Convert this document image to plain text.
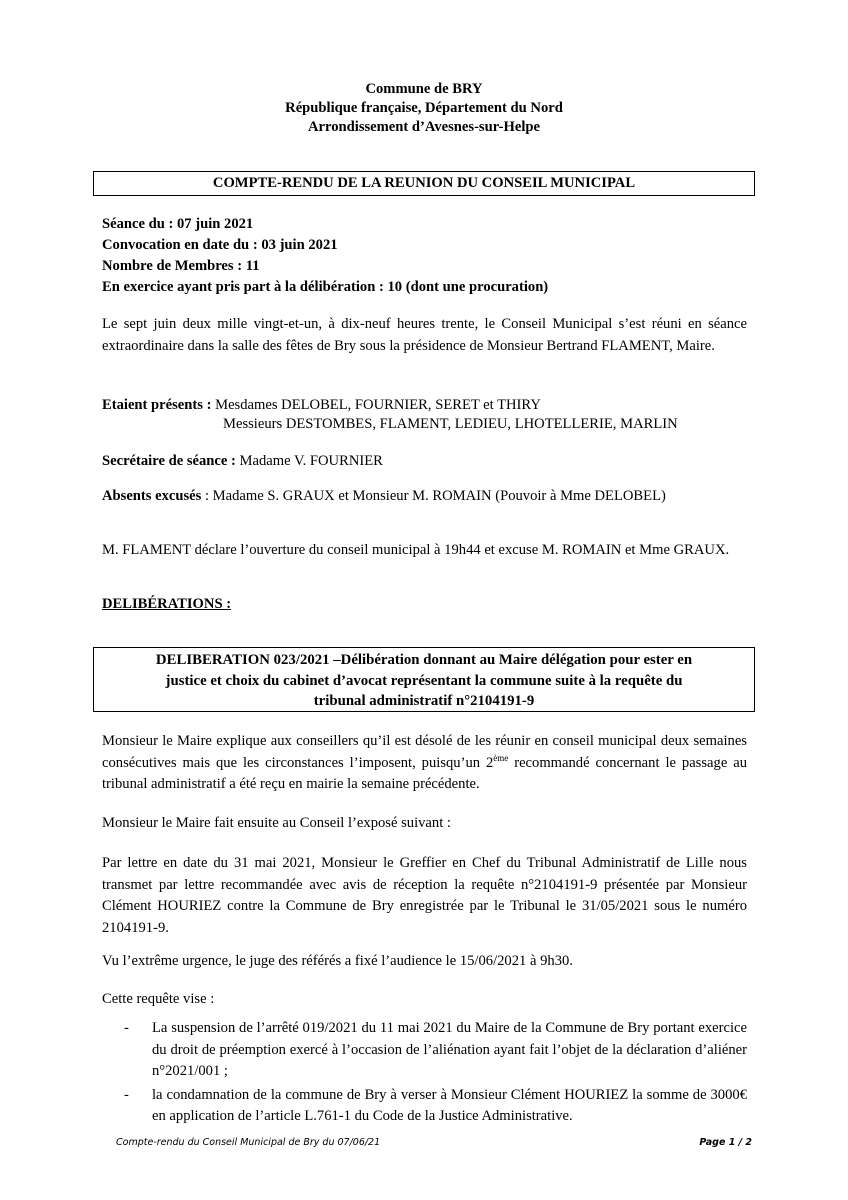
Commune de BRY
République française, Département du Nord
Arrondissement d’Avesnes-sur-Helpe
COMPTE-RENDU DE LA REUNION DU CONSEIL MUNICIPAL
Séance du : 07 juin 2021
Convocation en date du : 03 juin 2021
Nombre de Membres : 11
En exercice ayant pris part à la délibération : 10 (dont une procuration)
Le sept juin deux mille vingt-et-un, à dix-neuf heures trente, le Conseil Municipal s’est réuni en séance extraordinaire dans la salle des fêtes de Bry sous la présidence de Monsieur Bertrand FLAMENT, Maire.
Etaient présents : Mesdames DELOBEL, FOURNIER, SERET et THIRY
Messieurs DESTOMBES, FLAMENT, LEDIEU, LHOTELLERIE, MARLIN
Secrétaire de séance : Madame V. FOURNIER
Absents excusés : Madame S. GRAUX et Monsieur M. ROMAIN (Pouvoir à Mme DELOBEL)
M. FLAMENT déclare l’ouverture du conseil municipal à 19h44 et excuse M. ROMAIN et Mme GRAUX.
DELIBÉRATIONS :
DELIBERATION 023/2021 –Délibération donnant au Maire délégation pour ester en
justice et choix du cabinet d’avocat représentant la commune suite à la requête du
tribunal administratif n°2104191-9
Monsieur le Maire explique aux conseillers qu’il est désolé de les réunir en conseil municipal deux semaines consécutives mais que les circonstances l’imposent, puisqu’un 2ème recommandé concernant le passage au tribunal administratif a été reçu en mairie la semaine précédente.
Monsieur le Maire fait ensuite au Conseil l’exposé suivant :
Par lettre en date du 31 mai 2021, Monsieur le Greffier en Chef du Tribunal Administratif de Lille nous transmet par lettre recommandée avec avis de réception la requête n°2104191-9 présentée par Monsieur Clément HOURIEZ contre la Commune de Bry enregistrée par le Tribunal le 31/05/2021 sous le numéro 2104191-9.
Vu l’extrême urgence, le juge des référés a fixé l’audience le 15/06/2021 à 9h30.
Cette requête vise :
-	La suspension de l’arrêté 019/2021 du 11 mai 2021 du Maire de la Commune de Bry portant exercice du droit de préemption exercé à l’occasion de l’aliénation ayant fait l’objet de la déclaration d’aliéner n°2021/001 ;
-	la condamnation de la commune de Bry à verser à Monsieur Clément HOURIEZ la somme de 3000€ en application de l’article L.761-1 du Code de la Justice Administrative.
Compte-rendu du Conseil Municipal de Bry du 07/06/21	Page 1 / 2
